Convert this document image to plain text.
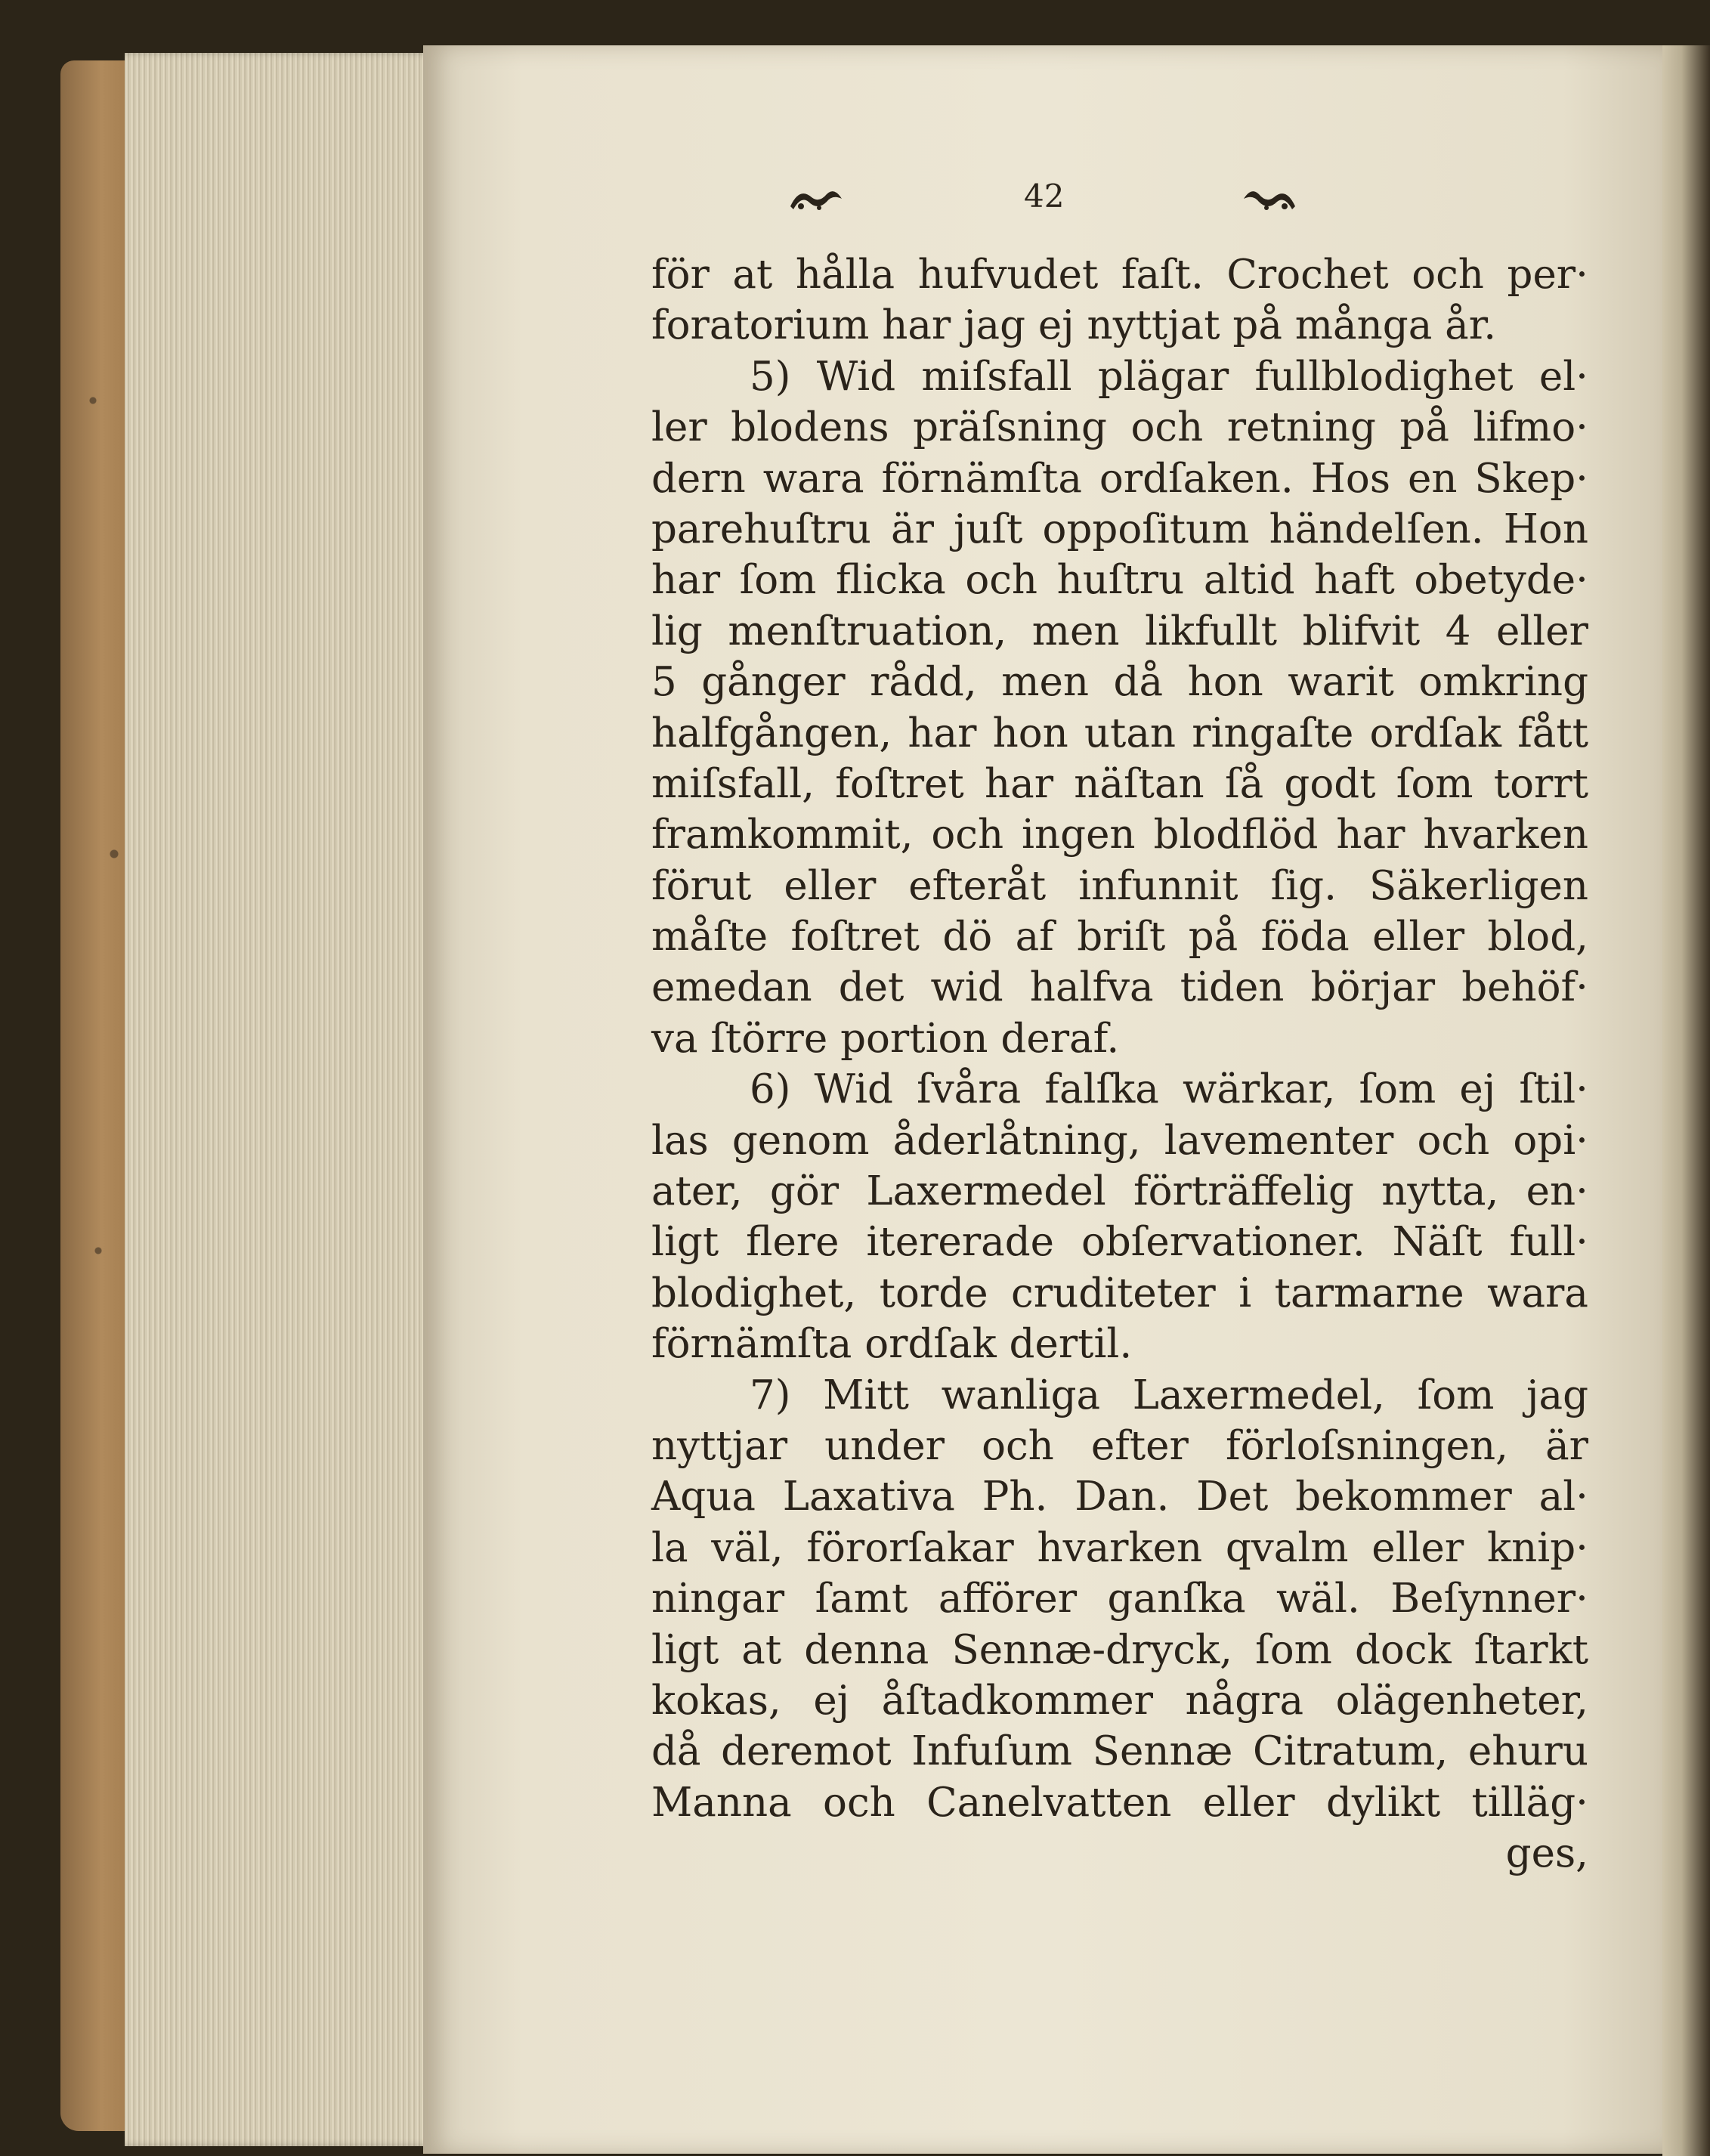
42
för at hålla hufvudet faſt. Crochet och per·
foratorium har jag ej nyttjat på många år.
5) Wid miſsfall plägar fullblodighet el·
ler blodens präſsning och retning på lifmo·
dern wara förnämſta ordſaken. Hos en Skep·
parehuſtru är juſt oppoſitum händelſen. Hon
har ſom flicka och huſtru altid haft obetyde·
lig menſtruation, men likfullt blifvit 4 eller
5 gånger rådd, men då hon warit omkring
halfgången, har hon utan ringaſte ordſak fått
miſsfall, foſtret har näſtan ſå godt ſom torrt
framkommit, och ingen blodflöd har hvarken
förut eller efteråt infunnit ſig. Säkerligen
måſte foſtret dö af briſt på föda eller blod,
emedan det wid halfva tiden börjar behöf·
va ſtörre portion deraf.
6) Wid ſvåra falſka wärkar, ſom ej ſtil·
las genom åderlåtning, lavementer och opi·
ater, gör Laxermedel förträffelig nytta, en·
ligt flere itererade obſervationer. Näſt full·
blodighet, torde cruditeter i tarmarne wara
förnämſta ordſak dertil.
7) Mitt wanliga Laxermedel, ſom jag
nyttjar under och efter förloſsningen, är
Aqua Laxativa Ph. Dan. Det bekommer al·
la väl, förorſakar hvarken qvalm eller knip·
ningar ſamt afförer ganſka wäl. Beſynner·
ligt at denna Sennæ-dryck, ſom dock ſtarkt
kokas, ej åſtadkommer några olägenheter,
då deremot Infuſum Sennæ Citratum, ehuru
Manna och Canelvatten eller dylikt tilläg·
ges,
